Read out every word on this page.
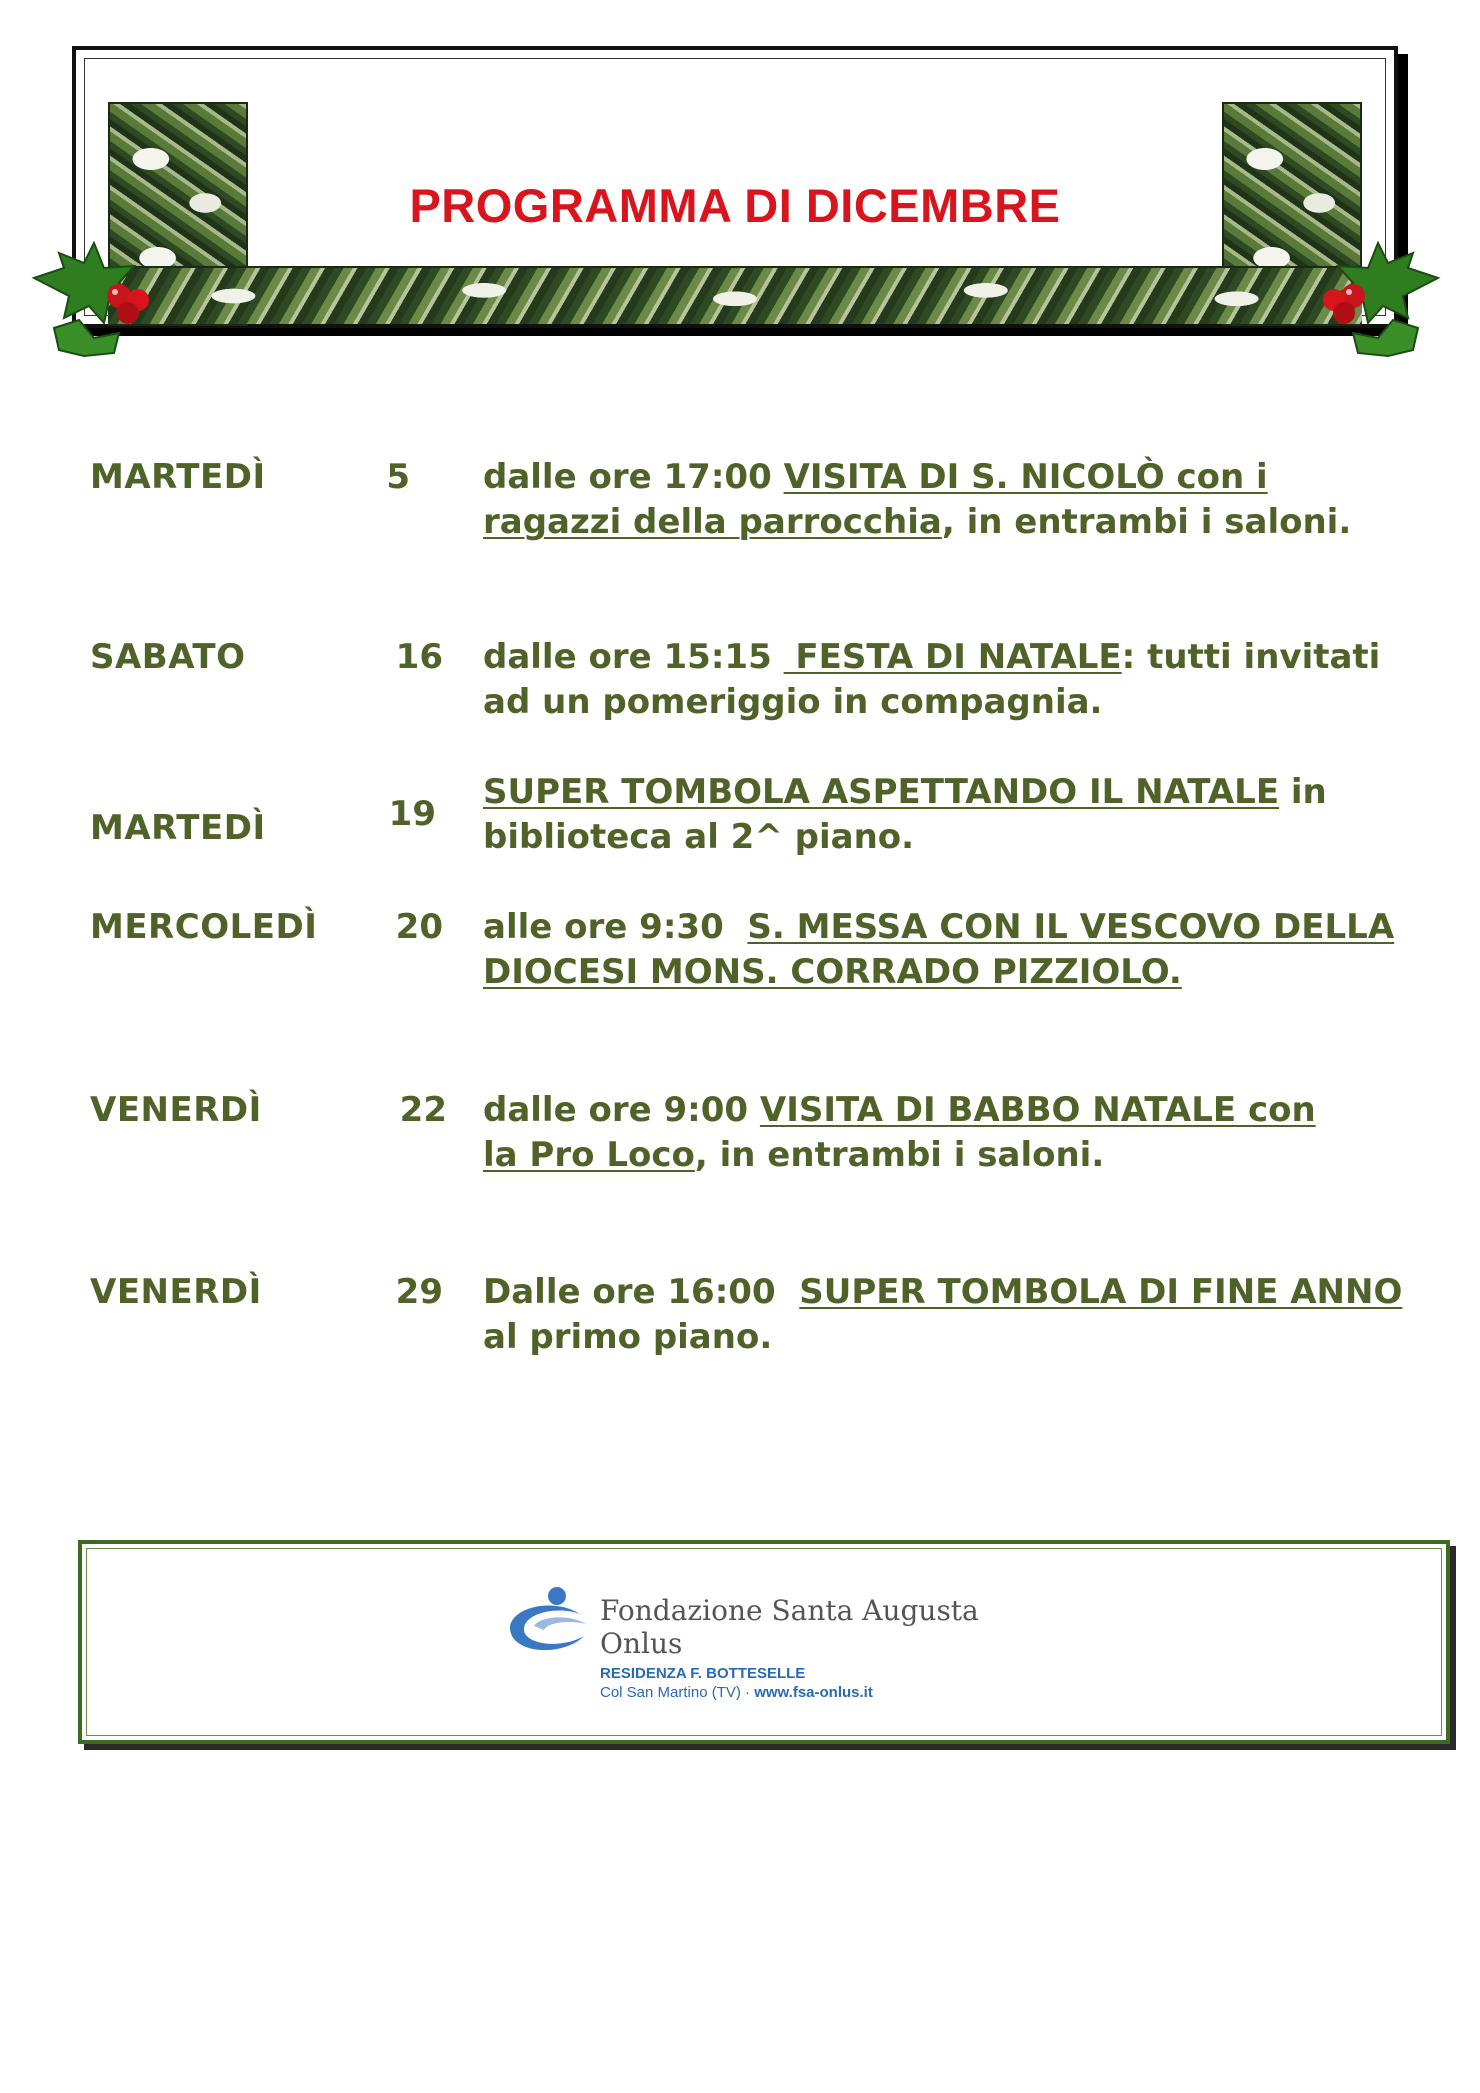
PROGRAMMA DI DICEMBRE
MARTEDÌ	5 dalle ore 17:00 VISITA DI S. NICOLÒ con i
ragazzi della parrocchia, in entrambi i saloni.
SABATO	16 dalle ore 15:15  FESTA DI NATALE: tutti invitati
ad un pomeriggio in compagnia.
MARTEDÌ	19
SUPER TOMBOLA ASPETTANDO IL NATALE in
biblioteca al 2^ piano.
MERCOLEDÌ	20 alle ore 9:30  S. MESSA CON IL VESCOVO DELLA
DIOCESI MONS. CORRADO PIZZIOLO.
VENERDÌ	22 dalle ore 9:00 VISITA DI BABBO NATALE con
la Pro Loco, in entrambi i saloni.
VENERDÌ	29 Dalle ore 16:00  SUPER TOMBOLA DI FINE ANNO
al primo piano.
Fondazione Santa Augusta
Onlus
RESIDENZA F. BOTTESELLE
Col San Martino (TV) · www.fsa-onlus.it
